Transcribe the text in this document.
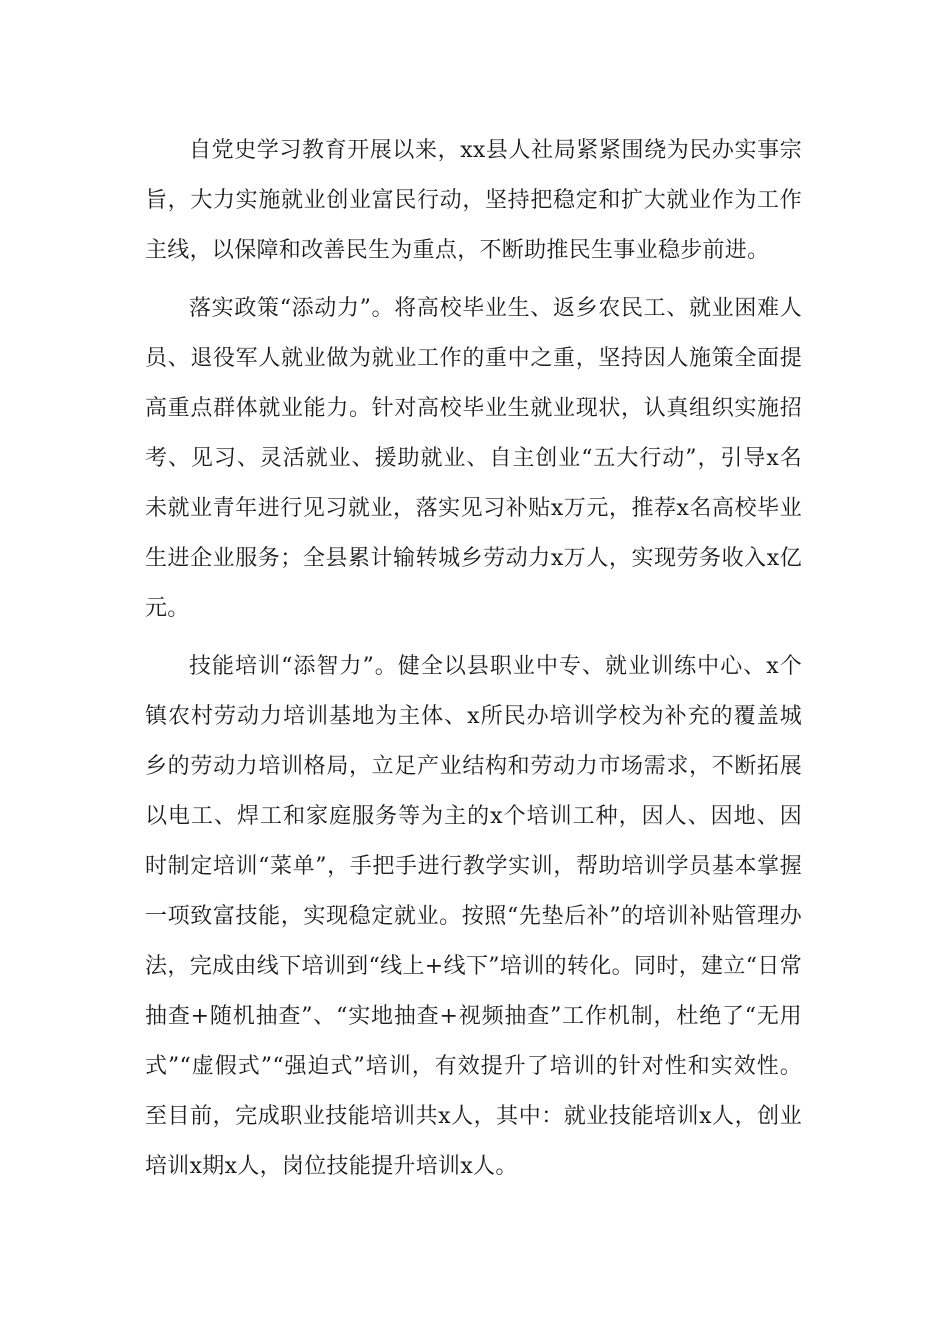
自党史学习教育开展以来，xx县人社局紧紧围绕为民办实事宗旨，大力实施就业创业富民行动，坚持把稳定和扩大就业作为工作主线，以保障和改善民生为重点，不断助推民生事业稳步前进。

落实政策“添动力”。将高校毕业生、返乡农民工、就业困难人员、退役军人就业做为就业工作的重中之重，坚持因人施策全面提高重点群体就业能力。针对高校毕业生就业现状，认真组织实施招考、见习、灵活就业、援助就业、自主创业“五大行动”，引导x名未就业青年进行见习就业，落实见习补贴x万元，推荐x名高校毕业生进企业服务；全县累计输转城乡劳动力x万人，实现劳务收入x亿元。

技能培训“添智力”。健全以县职业中专、就业训练中心、x个镇农村劳动力培训基地为主体、x所民办培训学校为补充的覆盖城乡的劳动力培训格局，立足产业结构和劳动力市场需求，不断拓展以电工、焊工和家庭服务等为主的x个培训工种，因人、因地、因时制定培训“菜单”，手把手进行教学实训，帮助培训学员基本掌握一项致富技能，实现稳定就业。按照“先垫后补”的培训补贴管理办法，完成由线下培训到“线上+线下”培训的转化。同时，建立“日常抽查+随机抽查”、“实地抽查+视频抽查”工作机制，杜绝了“无用式”“虚假式”“强迫式”培训，有效提升了培训的针对性和实效性。至目前，完成职业技能培训共x人，其中：就业技能培训x人，创业培训x期x人，岗位技能提升培训x人。
